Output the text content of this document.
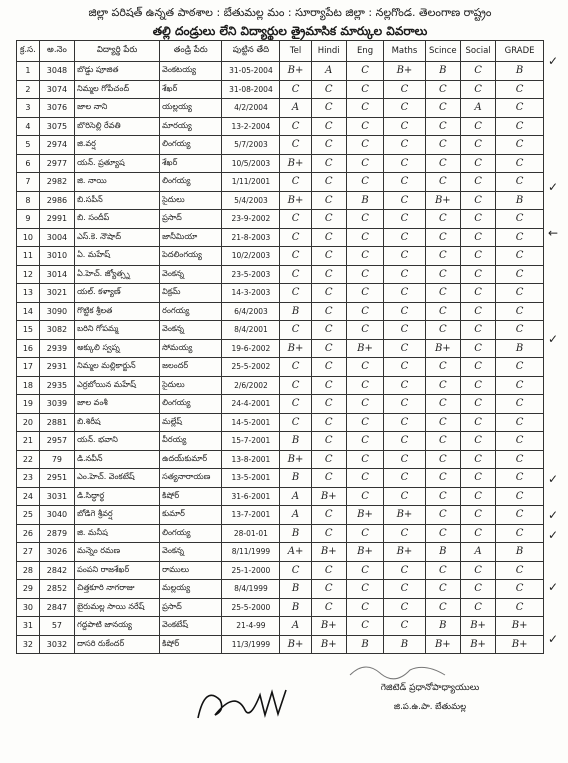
జిల్లా పరిషత్ ఉన్నత పాఠశాల : బేతుమల్ల మం : సూర్యాపేట జిల్లా : నల్లగొండ. తెలంగాణ రాష్ట్రం
తల్లి దండ్రులు లేని విద్యార్థుల త్రైమాసిక మార్కుల వివరాలు
క్ర.స.	అ.నెం	విద్యార్థి పేరు	తండ్రి పేరు	పుట్టిన తేది	Tel	Hindi	Eng	Maths	Scince	Social	GRADE
1	3048	బొడ్డు పూజిత	వెంకటయ్య	31-05-2004	B+	A	C	B+	B	C	B
2	3074	నిమ్మల గోపీచంద్	శేఖర్	31-08-2004	C	C	C	C	C	C	C
3	3076	జాల నాని	యల్లయ్య	4/2/2004	A	C	C	C	C	A	C
4	3075	బొరిసెల్లి రేవతి	మారయ్య	13-2-2004	C	C	C	C	C	C	C
5	2974	జి.వర్ష	లింగయ్య	5/7/2003	C	C	C	C	C	C	C
6	2977	యన్. ప్రత్యూష	శేఖర్	10/5/2003	B+	C	C	C	C	C	C
7	2982	జి. నాయి	లింగయ్య	1/11/2001	C	C	C	C	C	C	C
8	2986	బి.సపీన్	సైదులు	5/4/2003	B+	C	B	C	B+	C	B
9	2991	బి. సందీప్	ప్రసాద్	23-9-2002	C	C	C	C	C	C	C
10	3004	ఎస్.కె. నౌషాద్	జానీమియా	21-8-2003	C	C	C	C	C	C	C
11	3010	ఏ. మహేష్	పెదలింగయ్య	10/2/2003	C	C	C	C	C	C	C
12	3014	ఏ.హెచ్. జ్యోత్స్న	వెంకన్న	23-5-2003	C	C	C	C	C	C	C
13	3021	యల్. కళ్యాణ్	విక్రమ్	14-3-2003	C	C	C	C	C	C	C
14	3090	గొట్టిక శ్రీలత	రంగయ్య	6/4/2003	B	C	C	C	C	C	C
15	3082	బరిని గోపమ్మ	వెంకన్న	8/4/2001	C	C	C	C	C	C	C
16	2939	అక్కులి స్వప్న	సోమయ్య	19-6-2002	B+	C	B+	C	B+	C	B
17	2931	నిమ్మల మల్లికార్జున్	జలందర్	25-5-2002	C	C	C	C	C	C	C
18	2935	ఎర్రబోయిన మహేష్	సైదులు	2/6/2002	C	C	C	C	C	C	C
19	3039	జాల వంశీ	లింగయ్య	24-4-2001	C	C	C	C	C	C	C
20	2881	బి.శిరీష	మల్లేష్	14-5-2001	C	C	C	C	C	C	C
21	2957	యన్. భవాని	వీరయ్య	15-7-2001	B	C	C	C	C	C	C
22	79	డి.నవీన్	ఉదయ్‌కుమార్	13-8-2001	B+	C	C	C	C	C	C
23	2951	ఎం.హెచ్. వెంకటేష్	సత్యనారాయణ	13-5-2001	B	C	C	C	C	C	C
24	3031	డి.సిద్ధార్థ	కిషోర్	31-6-2001	A	B+	C	C	C	C	C
25	3040	బోడిగె శ్రీవర్ష	కుమార్	13-7-2001	A	C	B+	B+	C	C	C
26	2879	జి. మనీష	లింగయ్య	28-01-01	B	C	C	C	C	C	C
27	3026	మన్నెం రమణ	వెంకన్న	8/11/1999	A+	B+	B+	B+	B	A	B
28	2842	పంపని రాజశేఖర్	రాములు	25-1-2000	C	C	C	C	C	C	C
29	2852	చిత్తకూరి నాగరాజు	మల్లయ్య	8/4/1999	B	C	C	C	C	C	C
30	2847	బైరుమల్ల సాయి నరేష్	ప్రసాద్	25-5-2000	B	C	C	C	C	C	C
31	57	గద్దపాటి జానయ్య	వెంకటేష్	21-4-99	A	B+	C	C	B	B+	B+
32	3032	దాసరి రుకేందర్	కిషోర్	11/3/1999	B+	B+	B	B	B+	B+	B+
✓
✓
←
✓
✓
✓
✓
✓
✓
గెజిటెడ్ ప్రధానోపాధ్యాయులు
జి.ప.ఉ.పా. బేతుమల్ల
